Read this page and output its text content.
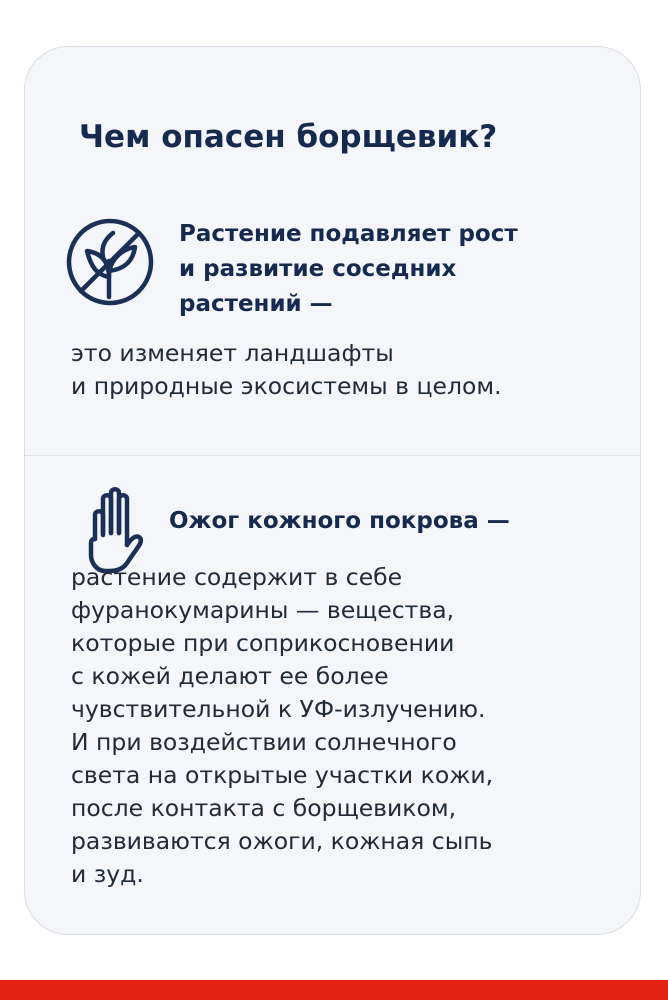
Чем опасен борщевик?
Растение подавляет рост
и развитие соседних
растений —
это изменяет ландшафты
и природные экосистемы в целом.
Ожог кожного покрова —
растение содержит в себе
фуранокумарины — вещества,
которые при соприкосновении
с кожей делают ее более
чувствительной к УФ-излучению.
И при воздействии солнечного
света на открытые участки кожи,
после контакта с борщевиком,
развиваются ожоги, кожная сыпь
и зуд.
